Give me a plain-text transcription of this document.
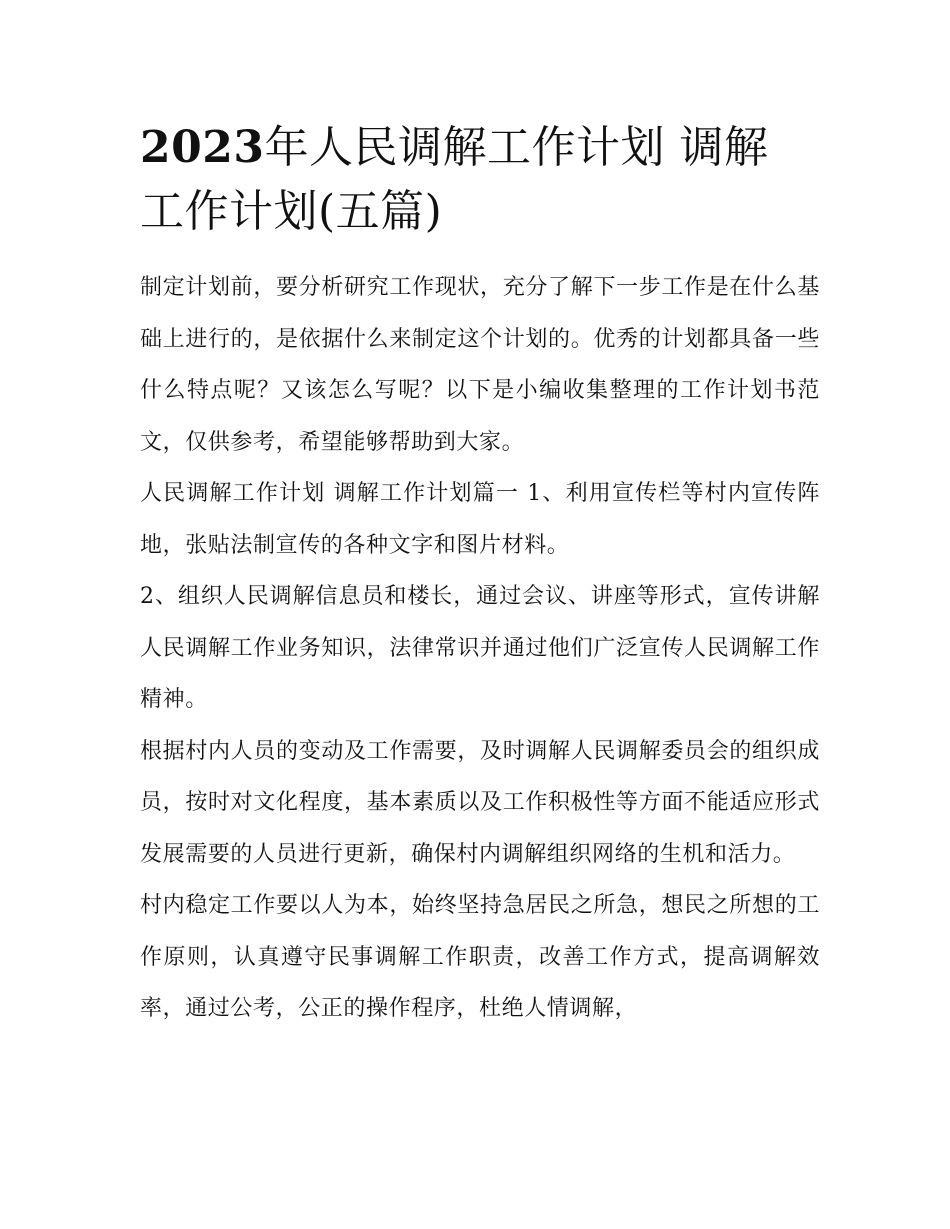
2023年人民调解工作计划 调解工作计划(五篇)

制定计划前，要分析研究工作现状，充分了解下一步工作是在什么基础上进行的，是依据什么来制定这个计划的。优秀的计划都具备一些什么特点呢？又该怎么写呢？以下是小编收集整理的工作计划书范文，仅供参考，希望能够帮助到大家。

人民调解工作计划 调解工作计划篇一 1、利用宣传栏等村内宣传阵地，张贴法制宣传的各种文字和图片材料。

2、组织人民调解信息员和楼长，通过会议、讲座等形式，宣传讲解人民调解工作业务知识，法律常识并通过他们广泛宣传人民调解工作精神。

根据村内人员的变动及工作需要，及时调解人民调解委员会的组织成员，按时对文化程度，基本素质以及工作积极性等方面不能适应形式发展需要的人员进行更新，确保村内调解组织网络的生机和活力。

村内稳定工作要以人为本，始终坚持急居民之所急，想民之所想的工作原则，认真遵守民事调解工作职责，改善工作方式，提高调解效率，通过公考，公正的操作程序，杜绝人情调解，
